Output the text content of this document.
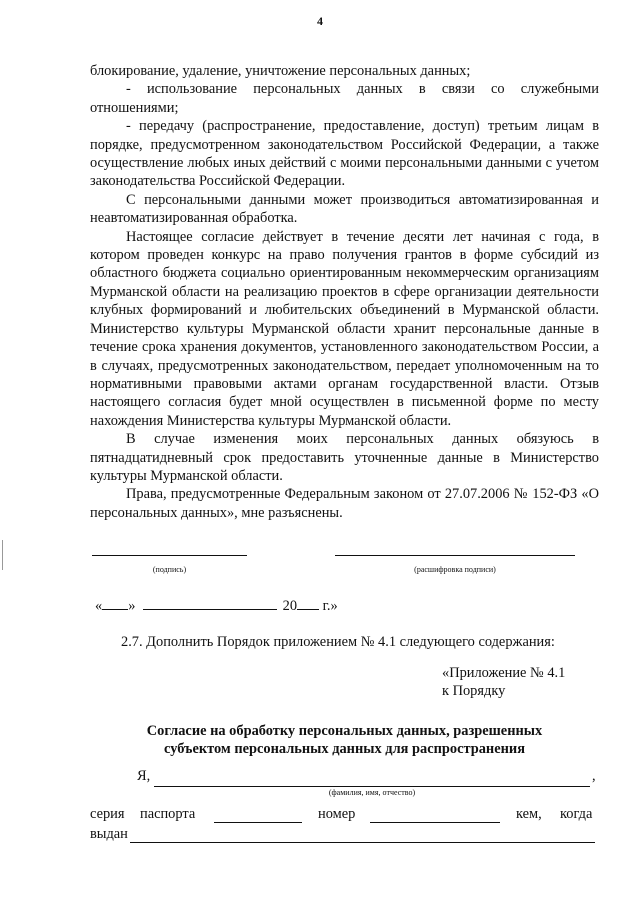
4

блокирование, удаление, уничтожение персональных данных;

- использование персональных данных в связи со служебными отношениями;

- передачу (распространение, предоставление, доступ) третьим лицам в порядке, предусмотренном законодательством Российской Федерации, а также осуществление любых иных действий с моими персональными данными с учетом законодательства Российской Федерации.

С персональными данными может производиться автоматизированная и неавтоматизированная обработка.

Настоящее согласие действует в течение десяти лет начиная с года, в котором проведен конкурс на право получения грантов в форме субсидий из областного бюджета социально ориентированным некоммерческим организациям Мурманской области на реализацию проектов в сфере организации деятельности клубных формирований и любительских объединений в Мурманской области. Министерство культуры Мурманской области хранит персональные данные в течение срока хранения документов, установленного законодательством России, а в случаях, предусмотренных законодательством, передает уполномоченным на то нормативными правовыми актами органам государственной власти. Отзыв настоящего согласия будет мной осуществлен в письменной форме по месту нахождения Министерства культуры Мурманской области.

В случае изменения моих персональных данных обязуюсь в пятнадцатидневный срок предоставить уточненные данные в Министерство культуры Мурманской области.

Права, предусмотренные Федеральным законом от 27.07.2006 № 152-ФЗ «О персональных данных», мне разъяснены.

(подпись)	(расшифровка подписи)
« »	20 г.»
2.7. Дополнить Порядок приложением № 4.1 следующего содержания:
«Приложение № 4.1
к Порядку
Согласие на обработку персональных данных, разрешенных
субъектом персональных данных для распространения
Я,	,
(фамилия, имя, отчество)
серия паспорта	номер	кем, когда
выдан
